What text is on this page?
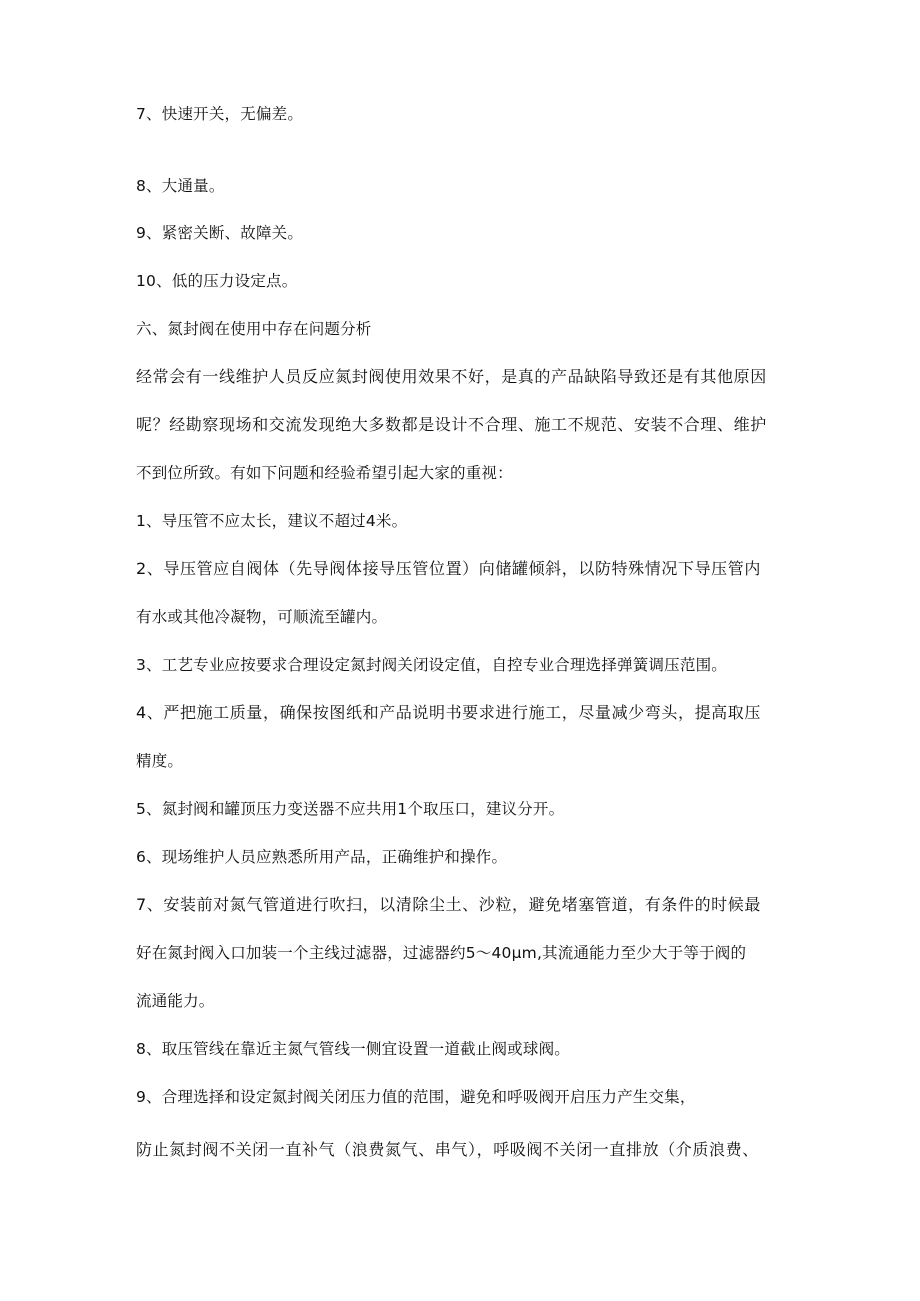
7、快速开关，无偏差。
8、大通量。
9、紧密关断、故障关。
10、低的压力设定点。
六、氮封阀在使用中存在问题分析
经常会有一线维护人员反应氮封阀使用效果不好，是真的产品缺陷导致还是有其他原因
呢？经勘察现场和交流发现绝大多数都是设计不合理、施工不规范、安装不合理、维护
不到位所致。有如下问题和经验希望引起大家的重视：
1、导压管不应太长，建议不超过4米。
2、导压管应自阀体（先导阀体接导压管位置）向储罐倾斜，以防特殊情况下导压管内
有水或其他冷凝物，可顺流至罐内。
3、工艺专业应按要求合理设定氮封阀关闭设定值，自控专业合理选择弹簧调压范围。
4、严把施工质量，确保按图纸和产品说明书要求进行施工，尽量减少弯头，提高取压
精度。
5、氮封阀和罐顶压力变送器不应共用1个取压口，建议分开。
6、现场维护人员应熟悉所用产品，正确维护和操作。
7、安装前对氮气管道进行吹扫，以清除尘土、沙粒，避免堵塞管道，有条件的时候最
好在氮封阀入口加装一个主线过滤器，过滤器约5～40μm,其流通能力至少大于等于阀的
流通能力。
8、取压管线在靠近主氮气管线一侧宜设置一道截止阀或球阀。
9、合理选择和设定氮封阀关闭压力值的范围，避免和呼吸阀开启压力产生交集，
防止氮封阀不关闭一直补气（浪费氮气、串气），呼吸阀不关闭一直排放（介质浪费、
